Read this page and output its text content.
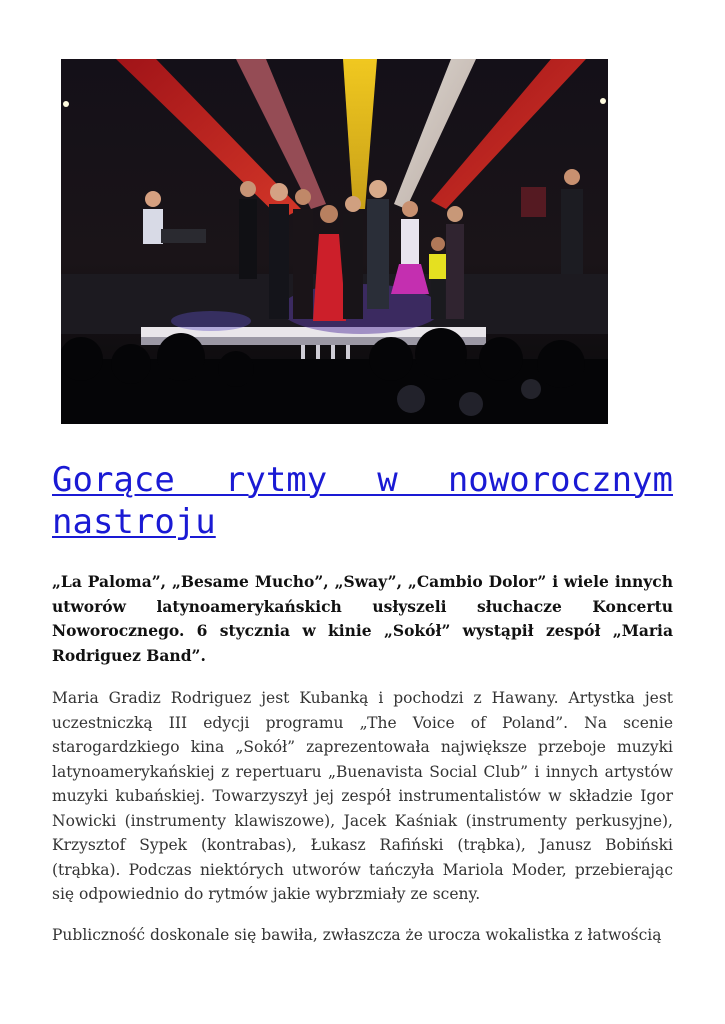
Gorące rytmy w noworocznym nastroju

„La Paloma”, „Besame Mucho”, „Sway”, „Cambio Dolor” i wiele innych utworów latynoamerykańskich usłyszeli słuchacze Koncertu Noworocznego. 6 stycznia w kinie „Sokół” wystąpił zespół „Maria Rodriguez Band”.

Maria Gradiz Rodriguez jest Kubanką i pochodzi z Hawany. Artystka jest uczestniczką III edycji programu „The Voice of Poland”. Na scenie starogardzkiego kina „Sokół” zaprezentowała największe przeboje muzyki latynoamerykańskiej z repertuaru „Buenavista Social Club” i innych artystów muzyki kubańskiej. Towarzyszył jej zespół instrumentalistów w składzie Igor Nowicki (instrumenty klawiszowe), Jacek Kaśniak (instrumenty perkusyjne), Krzysztof Sypek (kontrabas), Łukasz Rafiński (trąbka), Janusz Bobiński (trąbka). Podczas niektórych utworów tańczyła Mariola Moder, przebierając się odpowiednio do rytmów jakie wybrzmiały ze sceny.

Publiczność doskonale się bawiła, zwłaszcza że urocza wokalistka z łatwością
